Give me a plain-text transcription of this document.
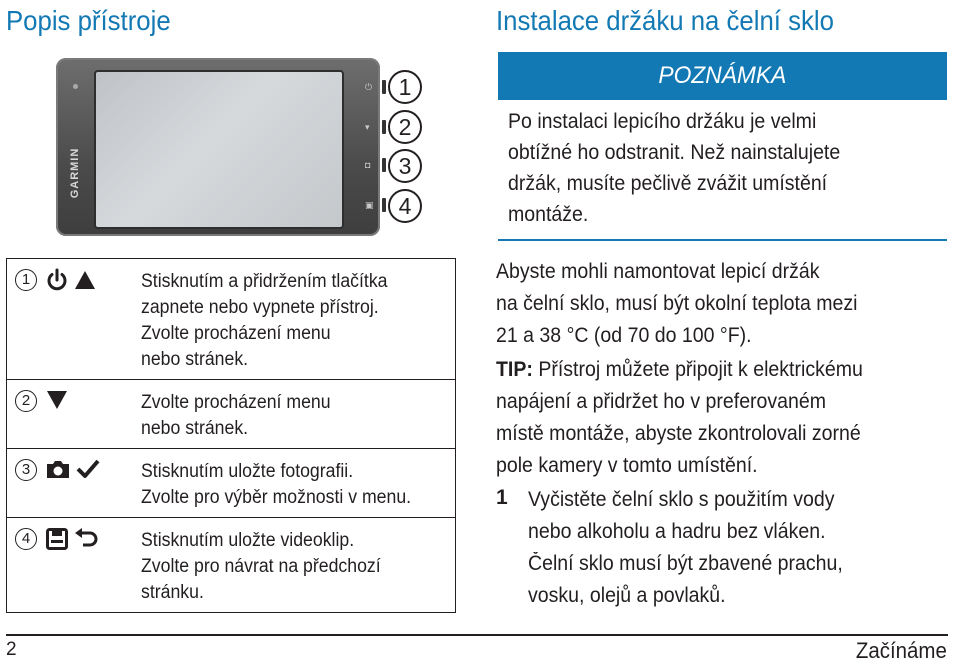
Popis přístroje
GARMIN
⏻
▾
◘
▣
1
2
3
4
1		Stisknutím a přidržením tlačítka
zapnete nebo vypnete přístroj.
Zvolte procházení menu
nebo stránek.

2		Zvolte procházení menu
nebo stránek.

3		Stisknutím uložte fotografii.
Zvolte pro výběr možnosti v menu.

4		Stisknutím uložte videoklip.
Zvolte pro návrat na předchozí
stránku.
Instalace držáku na čelní sklo
POZNÁMKA
Po instalaci lepicího držáku je velmi
obtížné ho odstranit. Než nainstalujete
držák, musíte pečlivě zvážit umístění
montáže.
Abyste mohli namontovat lepicí držák
na čelní sklo, musí být okolní teplota mezi
21 a 38 °C (od 70 do 100 °F).
TIP: Přístroj můžete připojit k elektrickému
napájení a přidržet ho v preferovaném
místě montáže, abyste zkontrolovali zorné
pole kamery v tomto umístění.
1 Vyčistěte čelní sklo s použitím vody
nebo alkoholu a hadru bez vláken.
Čelní sklo musí být zbavené prachu,
vosku, olejů a povlaků.
2	Začínáme
